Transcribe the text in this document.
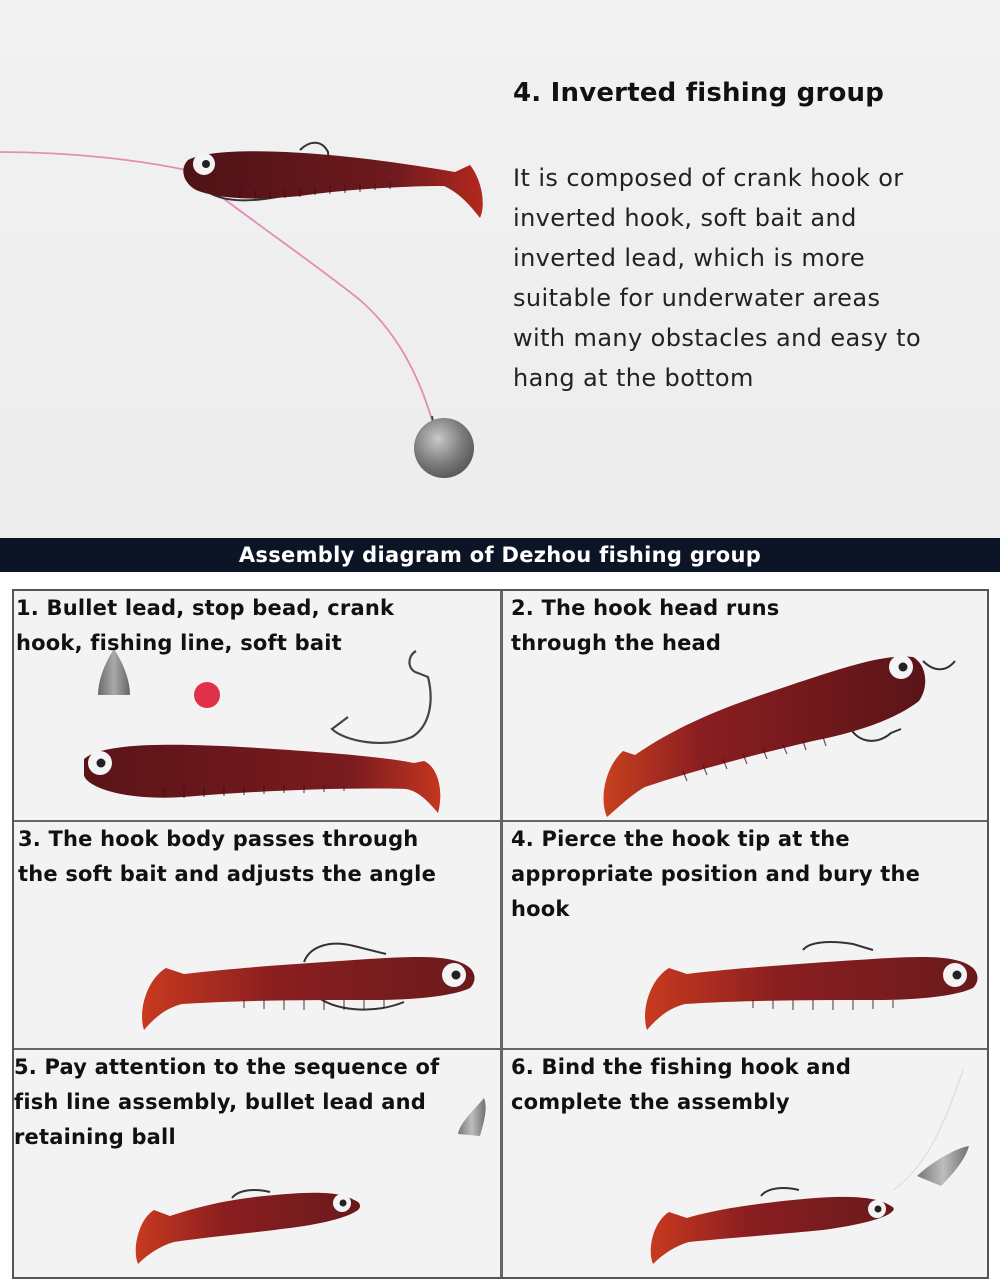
4. Inverted fishing group
It is composed of crank hook or
inverted hook, soft bait and
inverted lead, which is more
suitable for underwater areas
with many obstacles and easy to
hang at the bottom
Assembly diagram of Dezhou fishing group
1. Bullet lead, stop bead, crank
hook, fishing line, soft bait
2. The hook head runs
through the head
3. The hook body passes through
the soft bait and adjusts the angle
4. Pierce the hook tip at the
appropriate position and bury the
hook
5. Pay attention to the sequence of
fish line assembly, bullet lead and
retaining ball
6. Bind the fishing hook and
complete the assembly
